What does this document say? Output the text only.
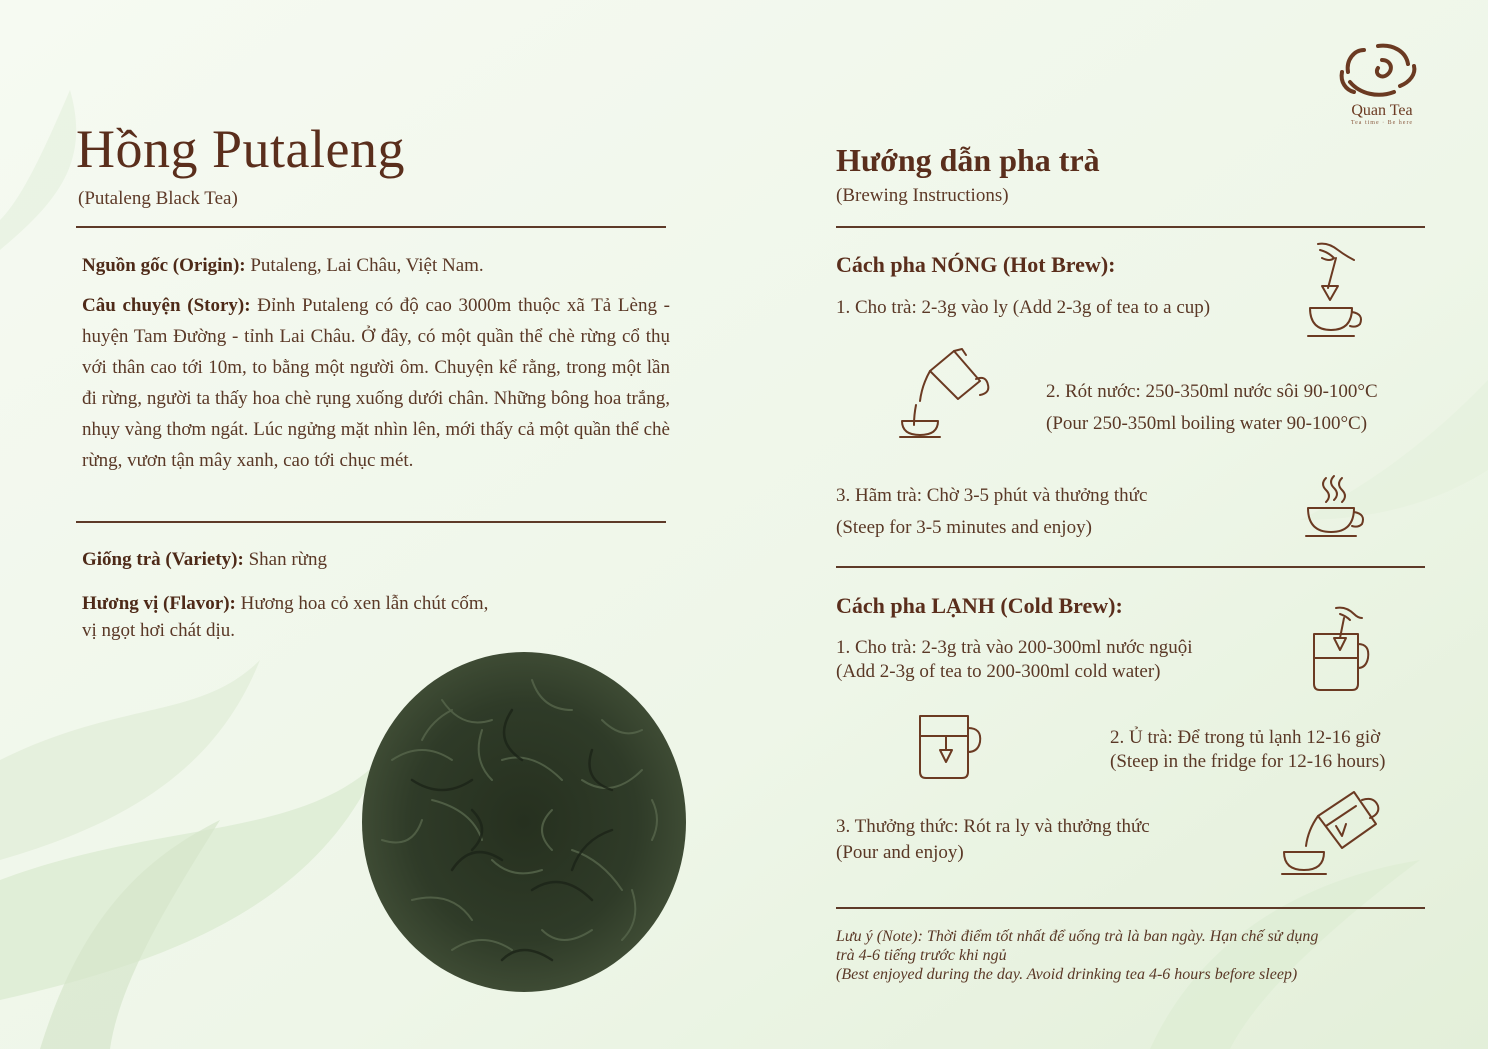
Quan Tea
Tea time · Be here
Hồng Putaleng
(Putaleng Black Tea)
Nguồn gốc (Origin): Putaleng, Lai Châu, Việt Nam.
Câu chuyện (Story): Đỉnh Putaleng có độ cao 3000m thuộc xã Tả Lèng - huyện Tam Đường - tỉnh Lai Châu. Ở đây, có một quần thể chè rừng cổ thụ với thân cao tới 10m, to bằng một người ôm. Chuyện kể rằng, trong một lần đi rừng, người ta thấy hoa chè rụng xuống dưới chân. Những bông hoa trắng, nhụy vàng thơm ngát. Lúc ngửng mặt nhìn lên, mới thấy cả một quần thể chè rừng, vươn tận mây xanh, cao tới chục mét.
Giống trà (Variety): Shan rừng
Hương vị (Flavor): Hương hoa cỏ xen lẫn chút cốm,
vị ngọt hơi chát dịu.
Hướng dẫn pha trà
(Brewing Instructions)
Cách pha NÓNG (Hot Brew):
1. Cho trà: 2-3g vào ly (Add 2-3g of tea to a cup)
2. Rót nước: 250-350ml nước sôi 90-100°C
(Pour 250-350ml boiling water 90-100°C)
3. Hãm trà: Chờ 3-5 phút và thưởng thức
(Steep for 3-5 minutes and enjoy)
Cách pha LẠNH (Cold Brew):
1. Cho trà: 2-3g trà vào 200-300ml nước nguội
(Add 2-3g of tea to 200-300ml cold water)
2. Ủ trà: Để trong tủ lạnh 12-16 giờ
(Steep in the fridge for 12-16 hours)
3. Thưởng thức: Rót ra ly và thưởng thức
(Pour and enjoy)
Lưu ý (Note): Thời điểm tốt nhất để uống trà là ban ngày. Hạn chế sử dụng
trà 4-6 tiếng trước khi ngủ
(Best enjoyed during the day. Avoid drinking tea 4-6 hours before sleep)
